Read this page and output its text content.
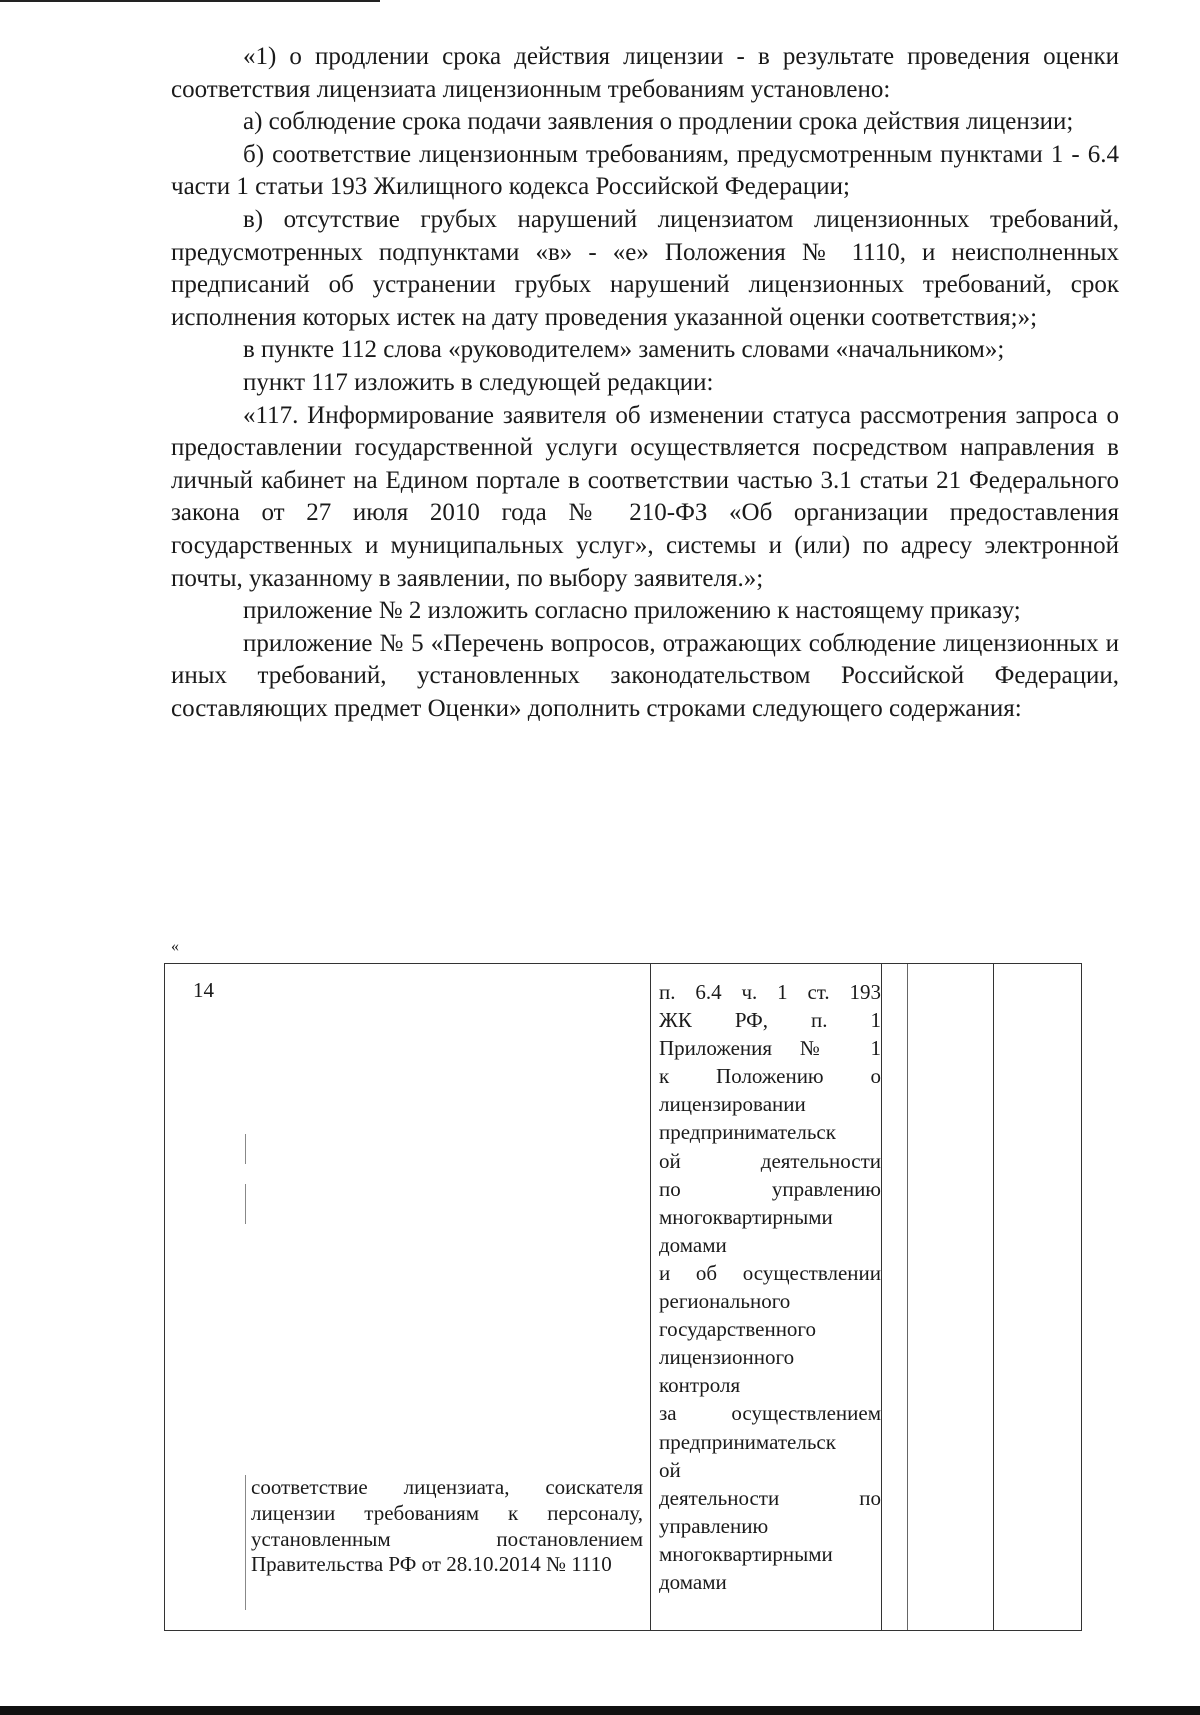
«1) о продлении срока действия лицензии - в результате проведения оценки соответствия лицензиата лицензионным требованиям установлено:

а) соблюдение срока подачи заявления о продлении срока действия лицензии;

б) соответствие лицензионным требованиям, предусмотренным пунктами 1 - 6.4 части 1 статьи 193 Жилищного кодекса Российской Федерации;

в) отсутствие грубых нарушений лицензиатом лицензионных требований, предусмотренных подпунктами «в» - «е» Положения № 1110, и неисполненных предписаний об устранении грубых нарушений лицензионных требований, срок исполнения которых истек на дату проведения указанной оценки соответствия;»;

в пункте 112 слова «руководителем» заменить словами «начальником»;

пункт 117 изложить в следующей редакции:

«117. Информирование заявителя об изменении статуса рассмотрения запроса о предоставлении государственной услуги осуществляется посредством направления в личный кабинет на Едином портале в соответствии частью 3.1 статьи 21 Федерального закона от 27 июля 2010 года № 210-ФЗ «Об организации предоставления государственных и муниципальных услуг», системы и (или) по адресу электронной почты, указанному в заявлении, по выбору заявителя.»;

приложение № 2 изложить согласно приложению к настоящему приказу;

приложение № 5 «Перечень вопросов, отражающих соблюдение лицензионных и иных требований, установленных законодательством Российской Федерации, составляющих предмет Оценки» дополнить строками следующего содержания:

«
14
соответствие лицензиата, соискателя лицензии требованиям к персоналу, установленным постановлением Правительства РФ от 28.10.2014 № 1110
п. 6.4 ч. 1 ст. 193
ЖК РФ, п. 1
Приложения № 1
к Положению о
лицензировании
предпринимательск
ой деятельности
по управлению
многоквартирными
домами
и об осуществлении
регионального
государственного
лицензионного
контроля
за осуществлением
предпринимательск
ой
деятельности по
управлению
многоквартирными
домами
